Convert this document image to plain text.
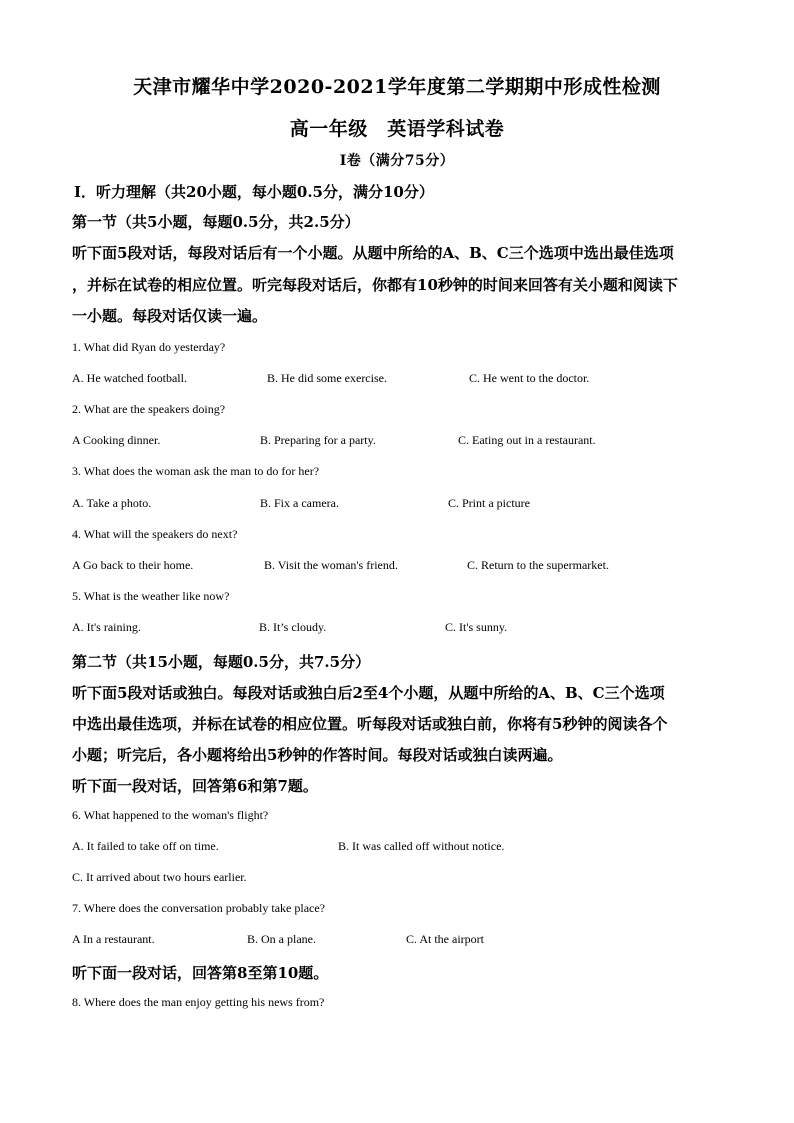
天津市耀华中学2020-2021学年度第二学期期中形成性检测
高一年级　英语学科试卷
I卷（满分75分）
Ⅰ．听力理解（共20小题，每小题0.5分，满分10分）
第一节（共5小题，每题0.5分，共2.5分）
听下面5段对话，每段对话后有一个小题。从题中所给的A、B、C三个选项中选出最佳选项
，并标在试卷的相应位置。听完每段对话后，你都有10秒钟的时间来回答有关小题和阅读下
一小题。每段对话仅读一遍。
1. What did Ryan do yesterday?
A. He watched football.	B. He did some exercise.	C. He went to the doctor.
2. What are the speakers doing?
A Cooking dinner.	B. Preparing for a party.	C. Eating out in a restaurant.
3. What does the woman ask the man to do for her?
A. Take a photo.	B. Fix a camera.	C. Print a picture
4. What will the speakers do next?
A Go back to their home.	B. Visit the woman's friend.	C. Return to the supermarket.
5. What is the weather like now?
A. It's raining.	B. It’s cloudy.	C. It's sunny.
第二节（共15小题，每题0.5分，共7.5分）
听下面5段对话或独白。每段对话或独白后2至4个小题，从题中所给的A、B、C三个选项
中选出最佳选项，并标在试卷的相应位置。听每段对话或独白前，你将有5秒钟的阅读各个
小题；听完后，各小题将给出5秒钟的作答时间。每段对话或独白读两遍。
听下面一段对话，回答第6和第7题。
6. What happened to the woman's flight?
A. It failed to take off on time.	B. It was called off without notice.
C. It arrived about two hours earlier.
7. Where does the conversation probably take place?
A In a restaurant.	B. On a plane.	C. At the airport
听下面一段对话，回答第8至第10题。
8. Where does the man enjoy getting his news from?
